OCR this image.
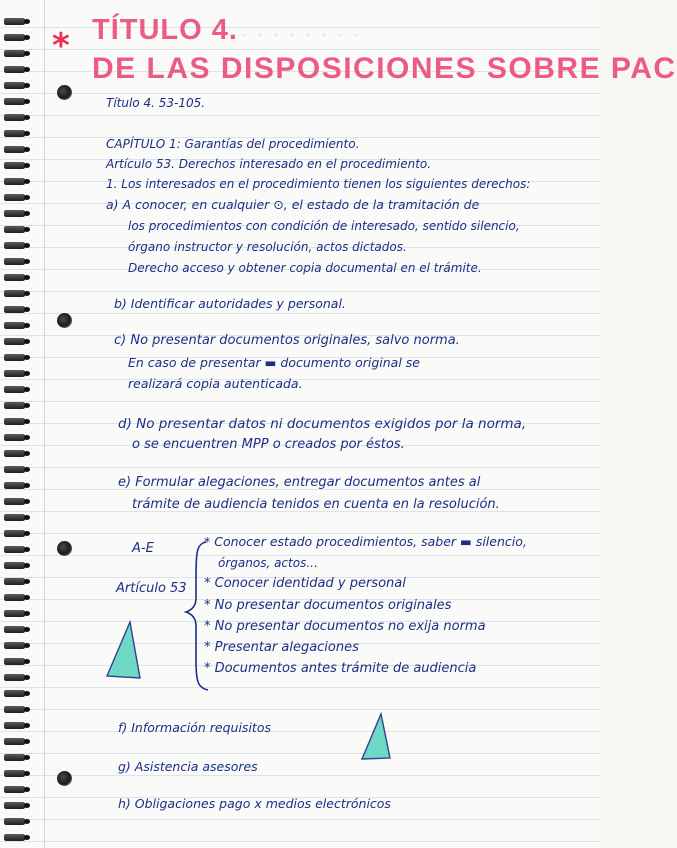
· · · · · · · ·
* TÍTULO 4.
DE LAS DISPOSICIONES SOBRE PAC
Título 4. 53-105.
CAPÍTULO 1: Garantías del procedimiento.
Artículo 53. Derechos interesado en el procedimiento.
1. Los interesados en el procedimiento tienen los siguientes derechos:
a) A conocer, en cualquier ⊙, el estado de la tramitación de
los procedimientos con condición de interesado, sentido silencio,
órgano instructor y resolución, actos dictados.
Derecho acceso y obtener copia documental en el trámite.
b) Identificar autoridades y personal.
c) No presentar documentos originales, salvo norma.
En caso de presentar ▬ documento original se
realizará copia autenticada.
d) No presentar datos ni documentos exigidos por la norma,
o se encuentren MPP o creados por éstos.
e) Formular alegaciones, entregar documentos antes al
trámite de audiencia tenidos en cuenta en la resolución.
A-E
Artículo 53
* Conocer estado procedimientos, saber ▬ silencio,
órganos, actos...
* Conocer identidad y personal
* No presentar documentos originales
* No presentar documentos no exija norma
* Presentar alegaciones
* Documentos antes trámite de audiencia
f) Información requisitos
g) Asistencia asesores
h) Obligaciones pago x medios electrónicos
